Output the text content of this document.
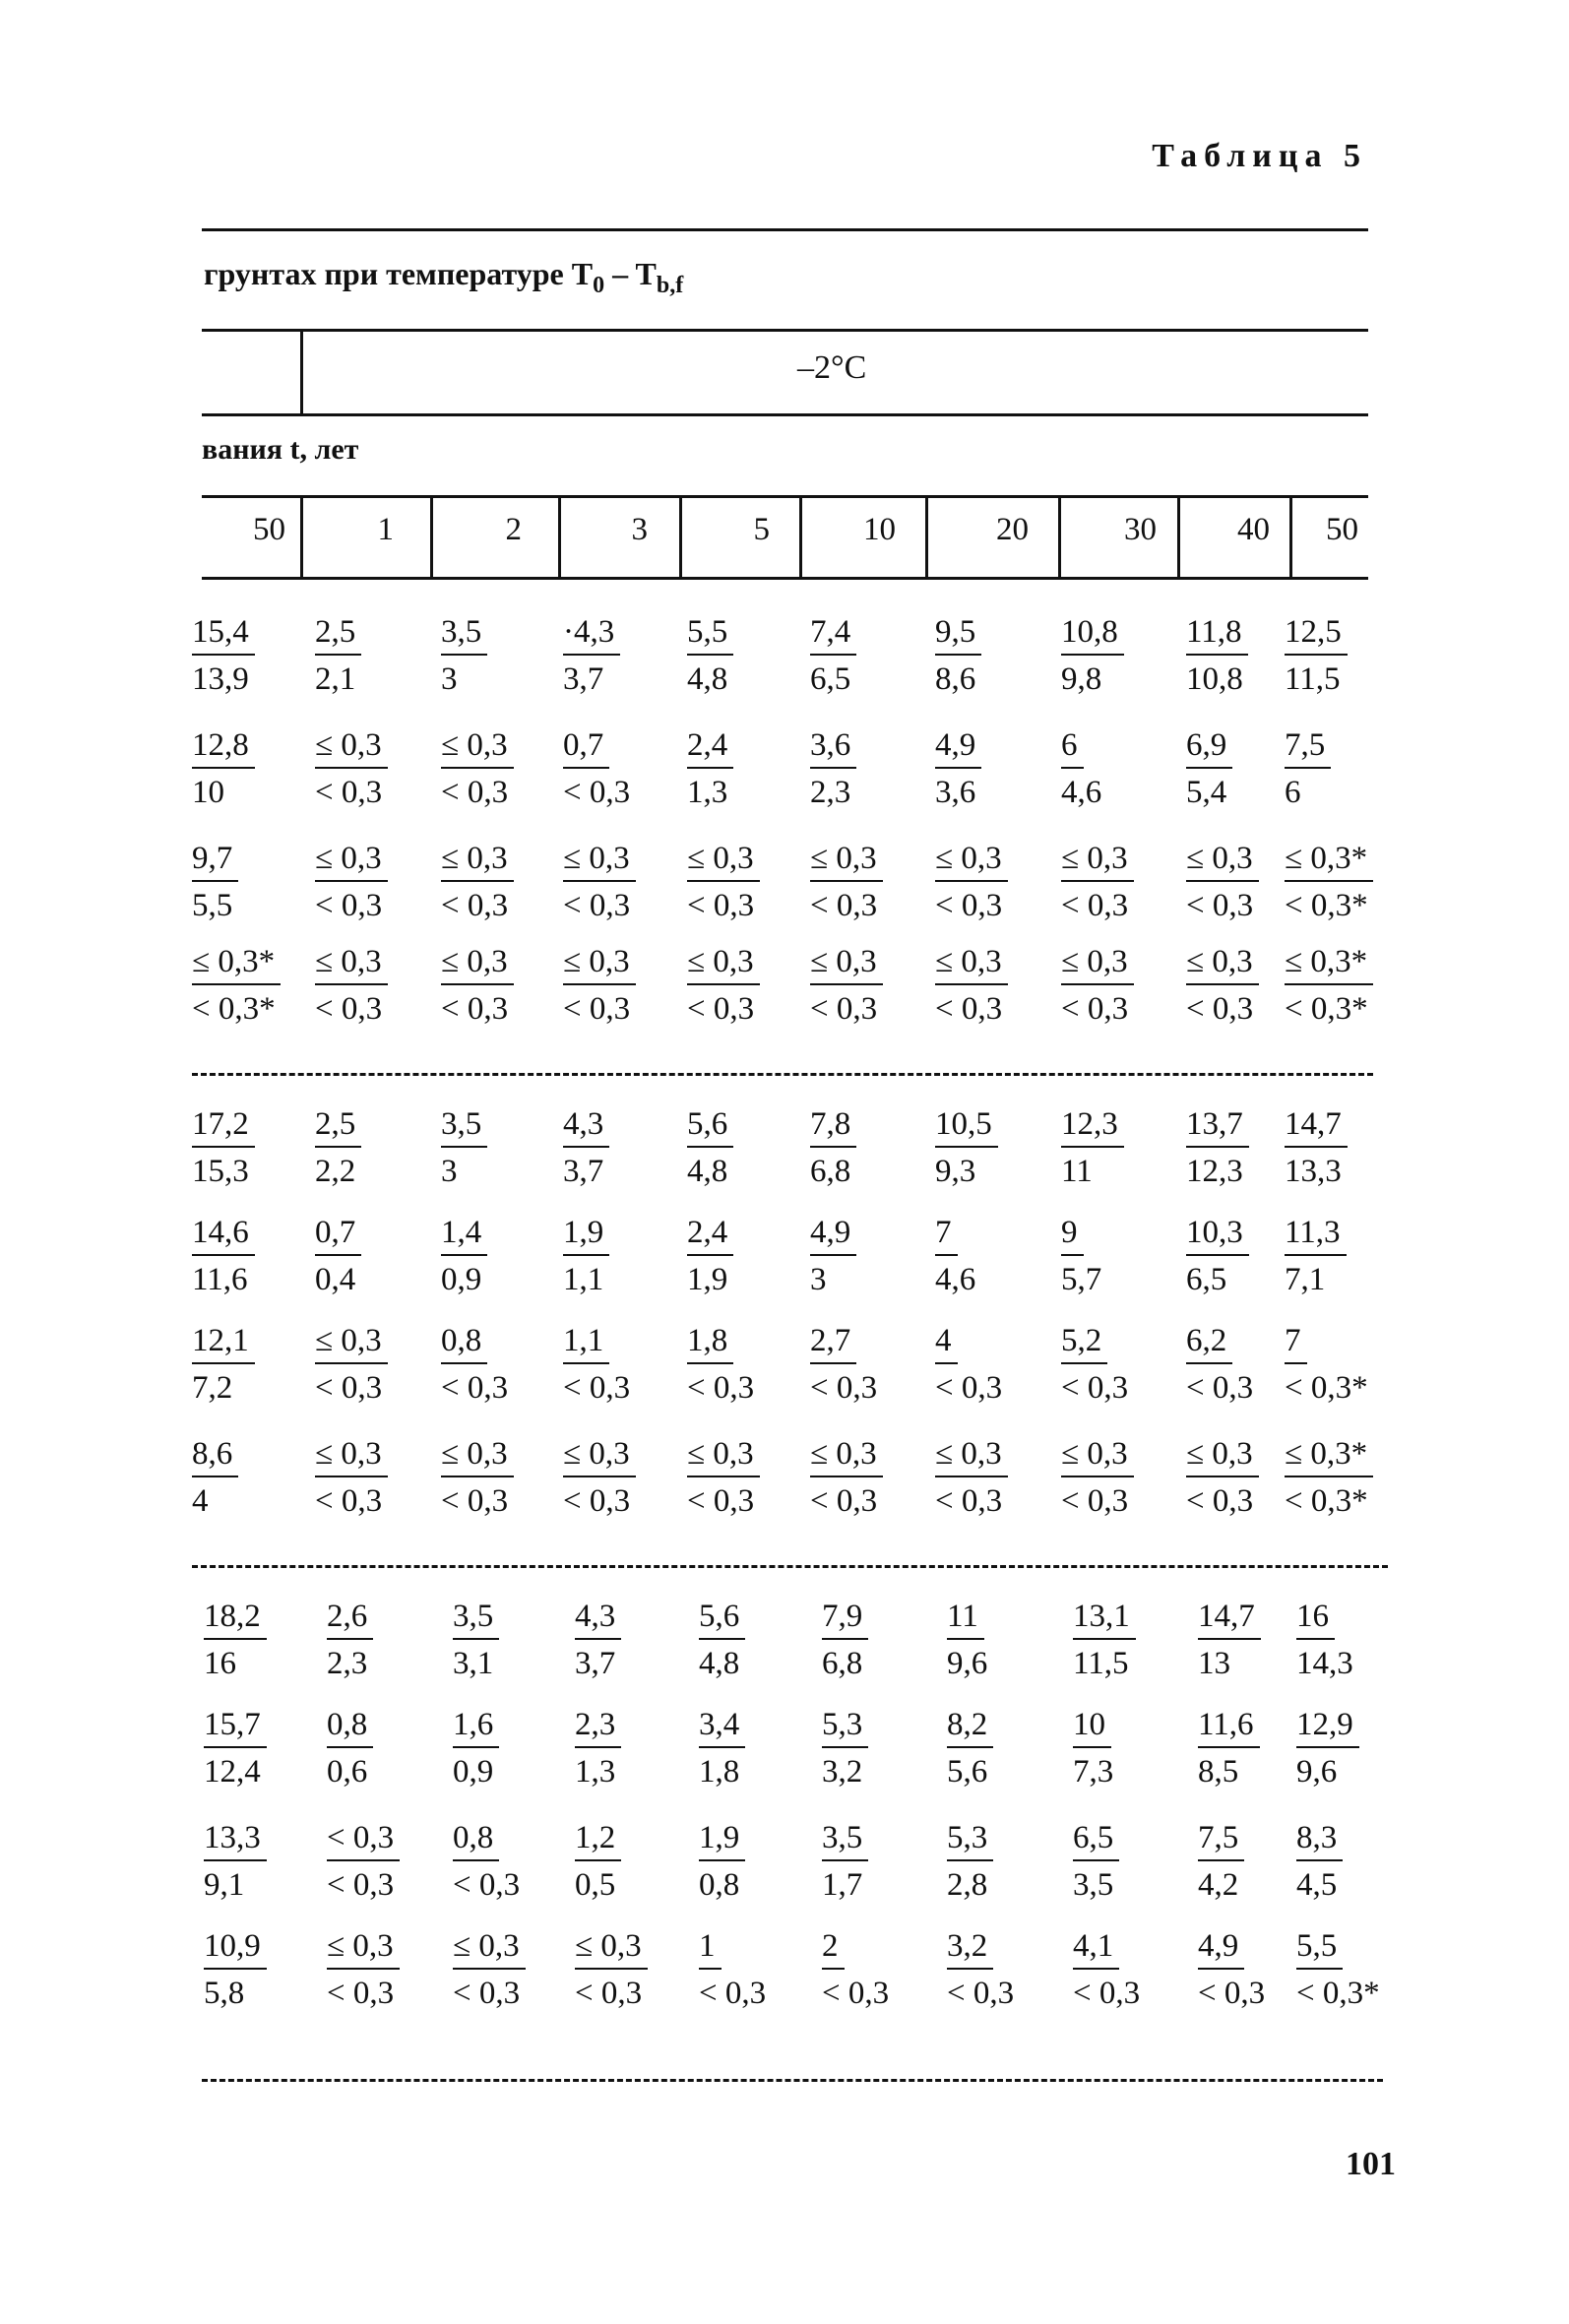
Таблица 5
грунтах при температуре $T_0 - T_{b,f}$
–2°C
вания t, лет
50	1	2	3	5	10	20	30	40	50
$\frac{15,4}{13,9} \frac{2,5}{2,1} \frac{3,5}{3} \frac{\cdot 4,3}{3,7} \frac{5,5}{4,8} \frac{7,4}{6,5} \frac{9,5}{8,6} \frac{10,8}{9,8} \frac{11,8}{10,8} \frac{12,5}{11,5}$
$\frac{12,8}{10} \frac{\le 0,3}{< 0,3} \frac{\le 0,3}{< 0,3} \frac{0,7}{< 0,3} \frac{2,4}{1,3} \frac{3,6}{2,3} \frac{4,9}{3,6} \frac{6}{4,6}$	$\frac{6,9}{5,4} \frac{7,5}{6}$
$\frac{9,7}{5,5} \frac{\le 0,3}{< 0,3} \frac{\le 0,3}{< 0,3} \frac{\le 0,3}{< 0,3} \frac{\le 0,3}{< 0,3} \frac{\le 0,3}{< 0,3} \frac{\le 0,3}{< 0,3} \frac{\le 0,3}{< 0,3} \frac{\le 0,3}{< 0,3} \frac{\le 0,3*}{< 0,3*}$
$\frac{\le 0,3*}{< 0,3*} \frac{\le 0,3}{< 0,3} \frac{\le 0,3}{< 0,3} \frac{\le 0,3}{< 0,3} \frac{\le 0,3}{< 0,3} \frac{\le 0,3}{< 0,3} \frac{\le 0,3}{< 0,3} \frac{\le 0,3}{< 0,3} \frac{\le 0,3}{< 0,3} \frac{\le 0,3*}{< 0,3*}$
$\frac{17,2}{15,3} \frac{2,5}{2,2} \frac{3,5}{3} \frac{4,3}{3,7} \frac{5,6}{4,8} \frac{7,8}{6,8} \frac{10,5}{9,3} \frac{12,3}{11} \frac{13,7}{12,3} \frac{14,7}{13,3}$
$\frac{14,6}{11,6} \frac{0,7}{0,4} \frac{1,4}{0,9} \frac{1,9}{1,1} \frac{2,4}{1,9} \frac{4,9}{3} \frac{7}{4,6}$	$\frac{9}{5,7}$	$\frac{10,3}{6,5} \frac{11,3}{7,1}$
$\frac{12,1}{7,2} \frac{\le 0,3}{< 0,3} \frac{0,8}{< 0,3} \frac{1,1}{< 0,3} \frac{1,8}{< 0,3} \frac{2,7}{< 0,3} \frac{4}{< 0,3} \frac{5,2}{< 0,3} \frac{6,2}{< 0,3} \frac{7}{< 0,3*}$
$\frac{8,6}{4} \frac{\le 0,3}{< 0,3} \frac{\le 0,3}{< 0,3} \frac{\le 0,3}{< 0,3} \frac{\le 0,3}{< 0,3} \frac{\le 0,3}{< 0,3} \frac{\le 0,3}{< 0,3} \frac{\le 0,3}{< 0,3} \frac{\le 0,3}{< 0,3} \frac{\le 0,3*}{< 0,3*}$
$\frac{18,2}{16} \frac{2,6}{2,3} \frac{3,5}{3,1} \frac{4,3}{3,7} \frac{5,6}{4,8} \frac{7,9}{6,8} \frac{11}{9,6}$	$\frac{13,1}{11,5} \frac{14,7}{13} \frac{16}{14,3}$
$\frac{15,7}{12,4} \frac{0,8}{0,6} \frac{1,6}{0,9} \frac{2,3}{1,3} \frac{3,4}{1,8} \frac{5,3}{3,2} \frac{8,2}{5,6} \frac{10}{7,3}$	$\frac{11,6}{8,5} \frac{12,9}{9,6}$
$\frac{13,3}{9,1} \frac{< 0,3}{< 0,3} \frac{0,8}{< 0,3} \frac{1,2}{0,5} \frac{1,9}{0,8} \frac{3,5}{1,7} \frac{5,3}{2,8} \frac{6,5}{3,5} \frac{7,5}{4,2} \frac{8,3}{4,5}$
$\frac{10,9}{5,8} \frac{\le 0,3}{< 0,3} \frac{\le 0,3}{< 0,3} \frac{\le 0,3}{< 0,3} \frac{1}{< 0,3} \frac{2}{< 0,3} \frac{3,2}{< 0,3} \frac{4,1}{< 0,3} \frac{4,9}{< 0,3} \frac{5,5}{< 0,3*}$
101
